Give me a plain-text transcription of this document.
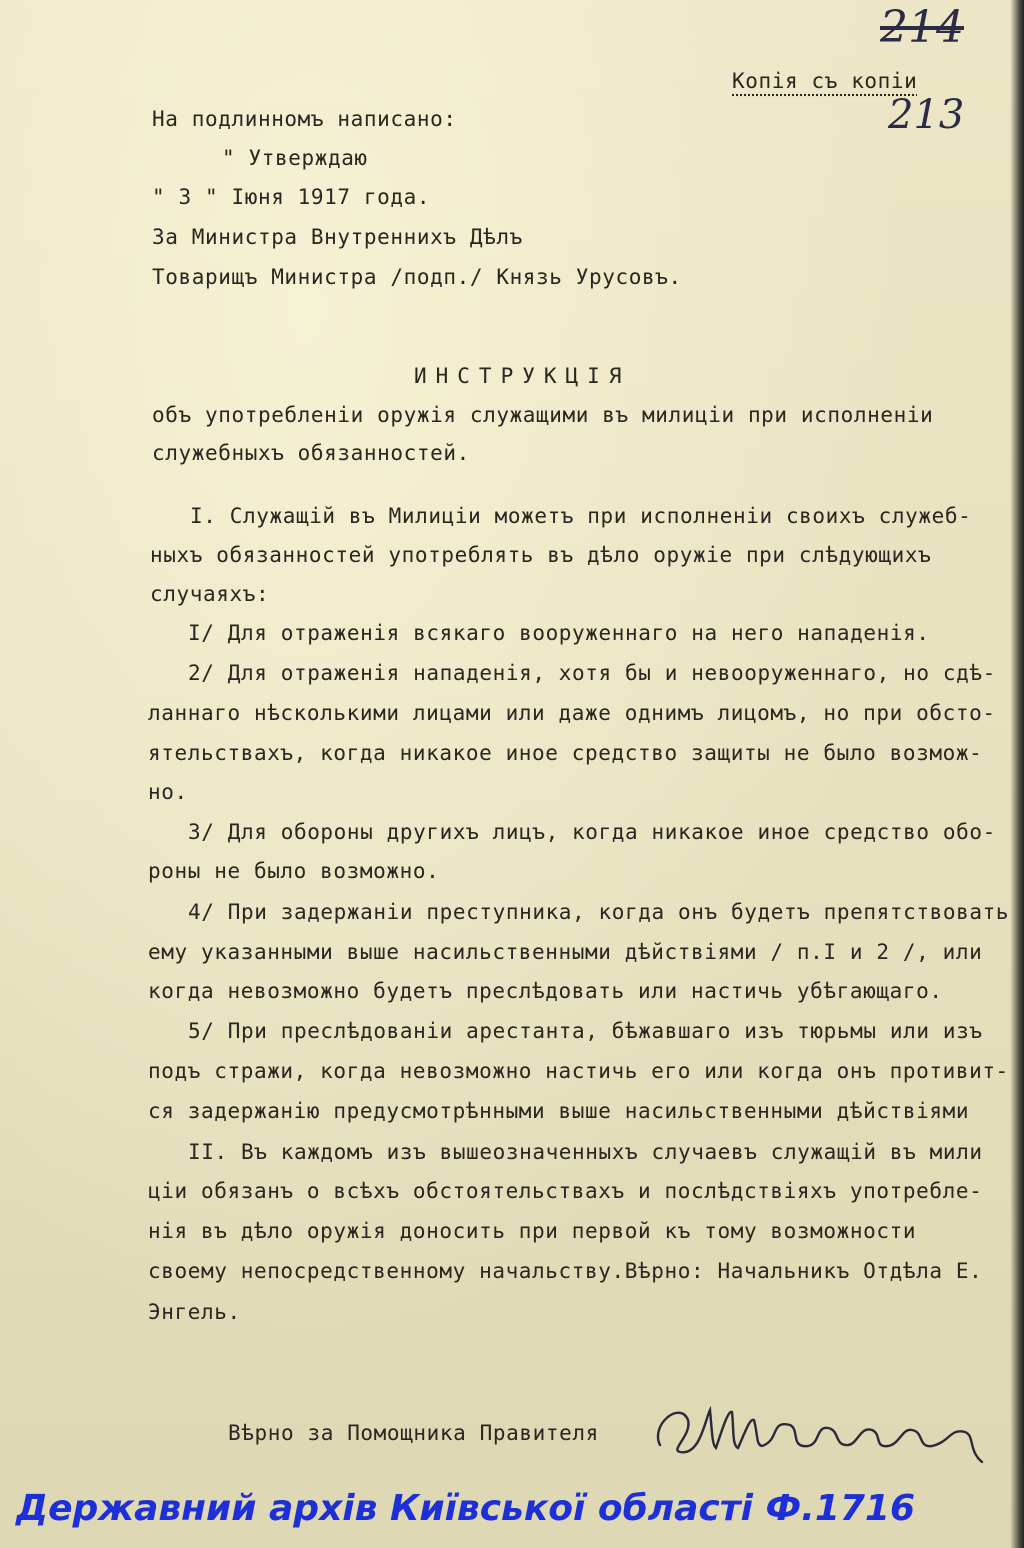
214
213
Копія съ копіи
На подлинномъ написано:
" Утверждаю
" 3 " Іюня 1917 года.
За Министра Внутреннихъ Дѣлъ
Товарищъ Министра /подп./ Князь Урусовъ.
ИНСТРУКЦІЯ
объ употребленіи оружія служащими въ милиціи при исполненіи
служебныхъ обязанностей.
І. Служащій въ Милиціи можетъ при исполненіи своихъ служеб-
ныхъ обязанностей употреблять въ дѣло оружіе при слѣдующихъ
случаяхъ:
І/ Для отраженія всякаго вооруженнаго на него нападенія.
2/ Для отраженія нападенія, хотя бы и невооруженнаго, но сдѣ-
ланнаго нѣсколькими лицами или даже однимъ лицомъ, но при обсто-
ятельствахъ, когда никакое иное средство защиты не было возмож-
но.
3/ Для обороны другихъ лицъ, когда никакое иное средство обо-
роны не было возможно.
4/ При задержаніи преступника, когда онъ будетъ препятствовать
ему указанными выше насильственными дѣйствіями / п.І и 2 /, или
когда невозможно будетъ преслѣдовать или настичь убѣгающаго.
5/ При преслѣдованіи арестанта, бѣжавшаго изъ тюрьмы или изъ
подъ стражи, когда невозможно настичь его или когда онъ противит-
ся задержанію предусмотрѣнными выше насильственными дѣйствіями
ІІ. Въ каждомъ изъ вышеозначенныхъ случаевъ служащій въ мили
ціи обязанъ о всѣхъ обстоятельствахъ и послѣдствіяхъ употребле-
нія въ дѣло оружія доносить при первой къ тому возможности
своему непосредственному начальству.Вѣрно: Начальникъ Отдѣла Е.
Энгель.
Вѣрно за Помощника Правителя
Державний архів Київської області Ф.1716
